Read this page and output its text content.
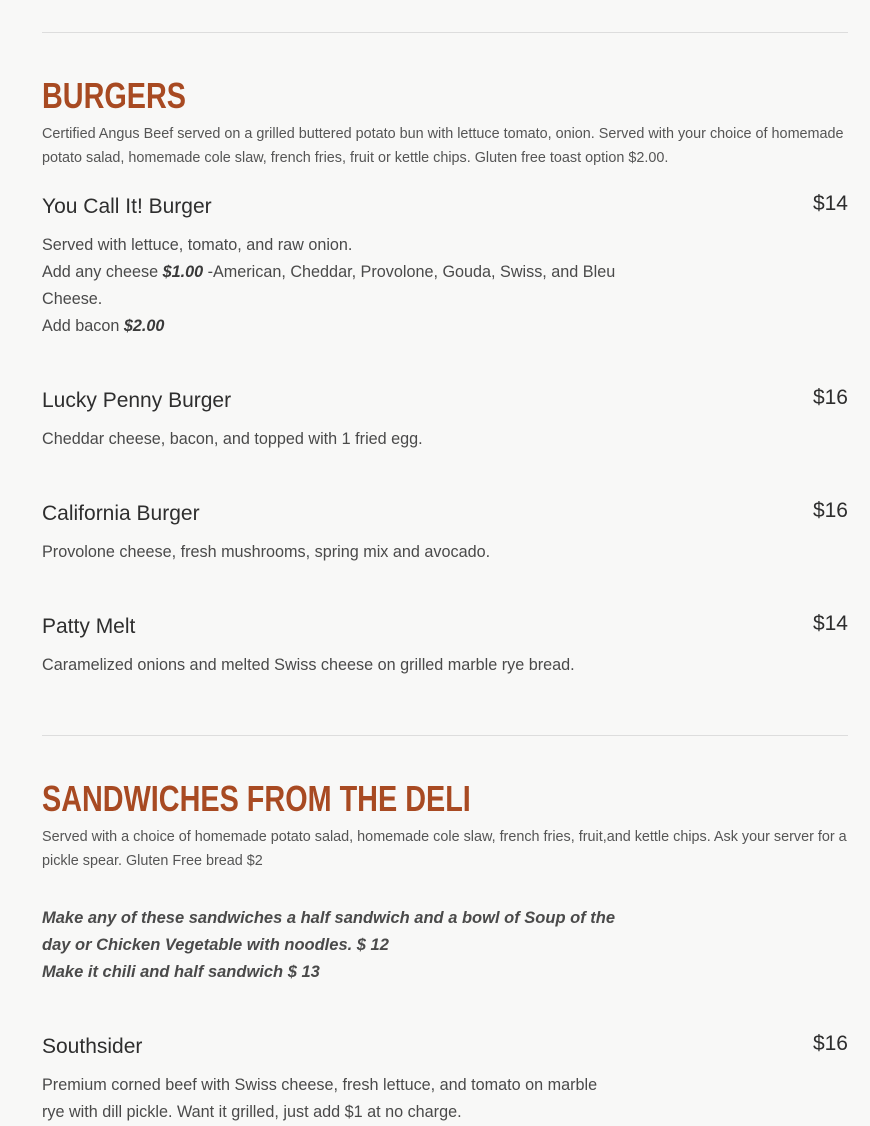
BURGERS
Certified Angus Beef served on a grilled buttered potato bun with lettuce tomato, onion. Served with your choice of homemade potato salad, homemade cole slaw, french fries, fruit or kettle chips. Gluten free toast option $2.00.
You Call It! Burger	$14
Served with lettuce, tomato, and raw onion.
Add any cheese $1.00 -American, Cheddar, Provolone, Gouda, Swiss, and Bleu Cheese.
Add bacon $2.00
Lucky Penny Burger	$16
Cheddar cheese, bacon, and topped with 1 fried egg.
California Burger	$16
Provolone cheese, fresh mushrooms, spring mix and avocado.
Patty Melt	$14
Caramelized onions and melted Swiss cheese on grilled marble rye bread.
SANDWICHES FROM THE DELI
Served with a choice of homemade potato salad, homemade cole slaw, french fries, fruit,and kettle chips. Ask your server for a pickle spear. Gluten Free bread $2
Make any of these sandwiches a half sandwich and a bowl of Soup of the day or Chicken Vegetable with noodles. $ 12
Make it chili and half sandwich $ 13
Southsider	$16
Premium corned beef with Swiss cheese, fresh lettuce, and tomato on marble rye with dill pickle. Want it grilled, just add $1 at no charge.
